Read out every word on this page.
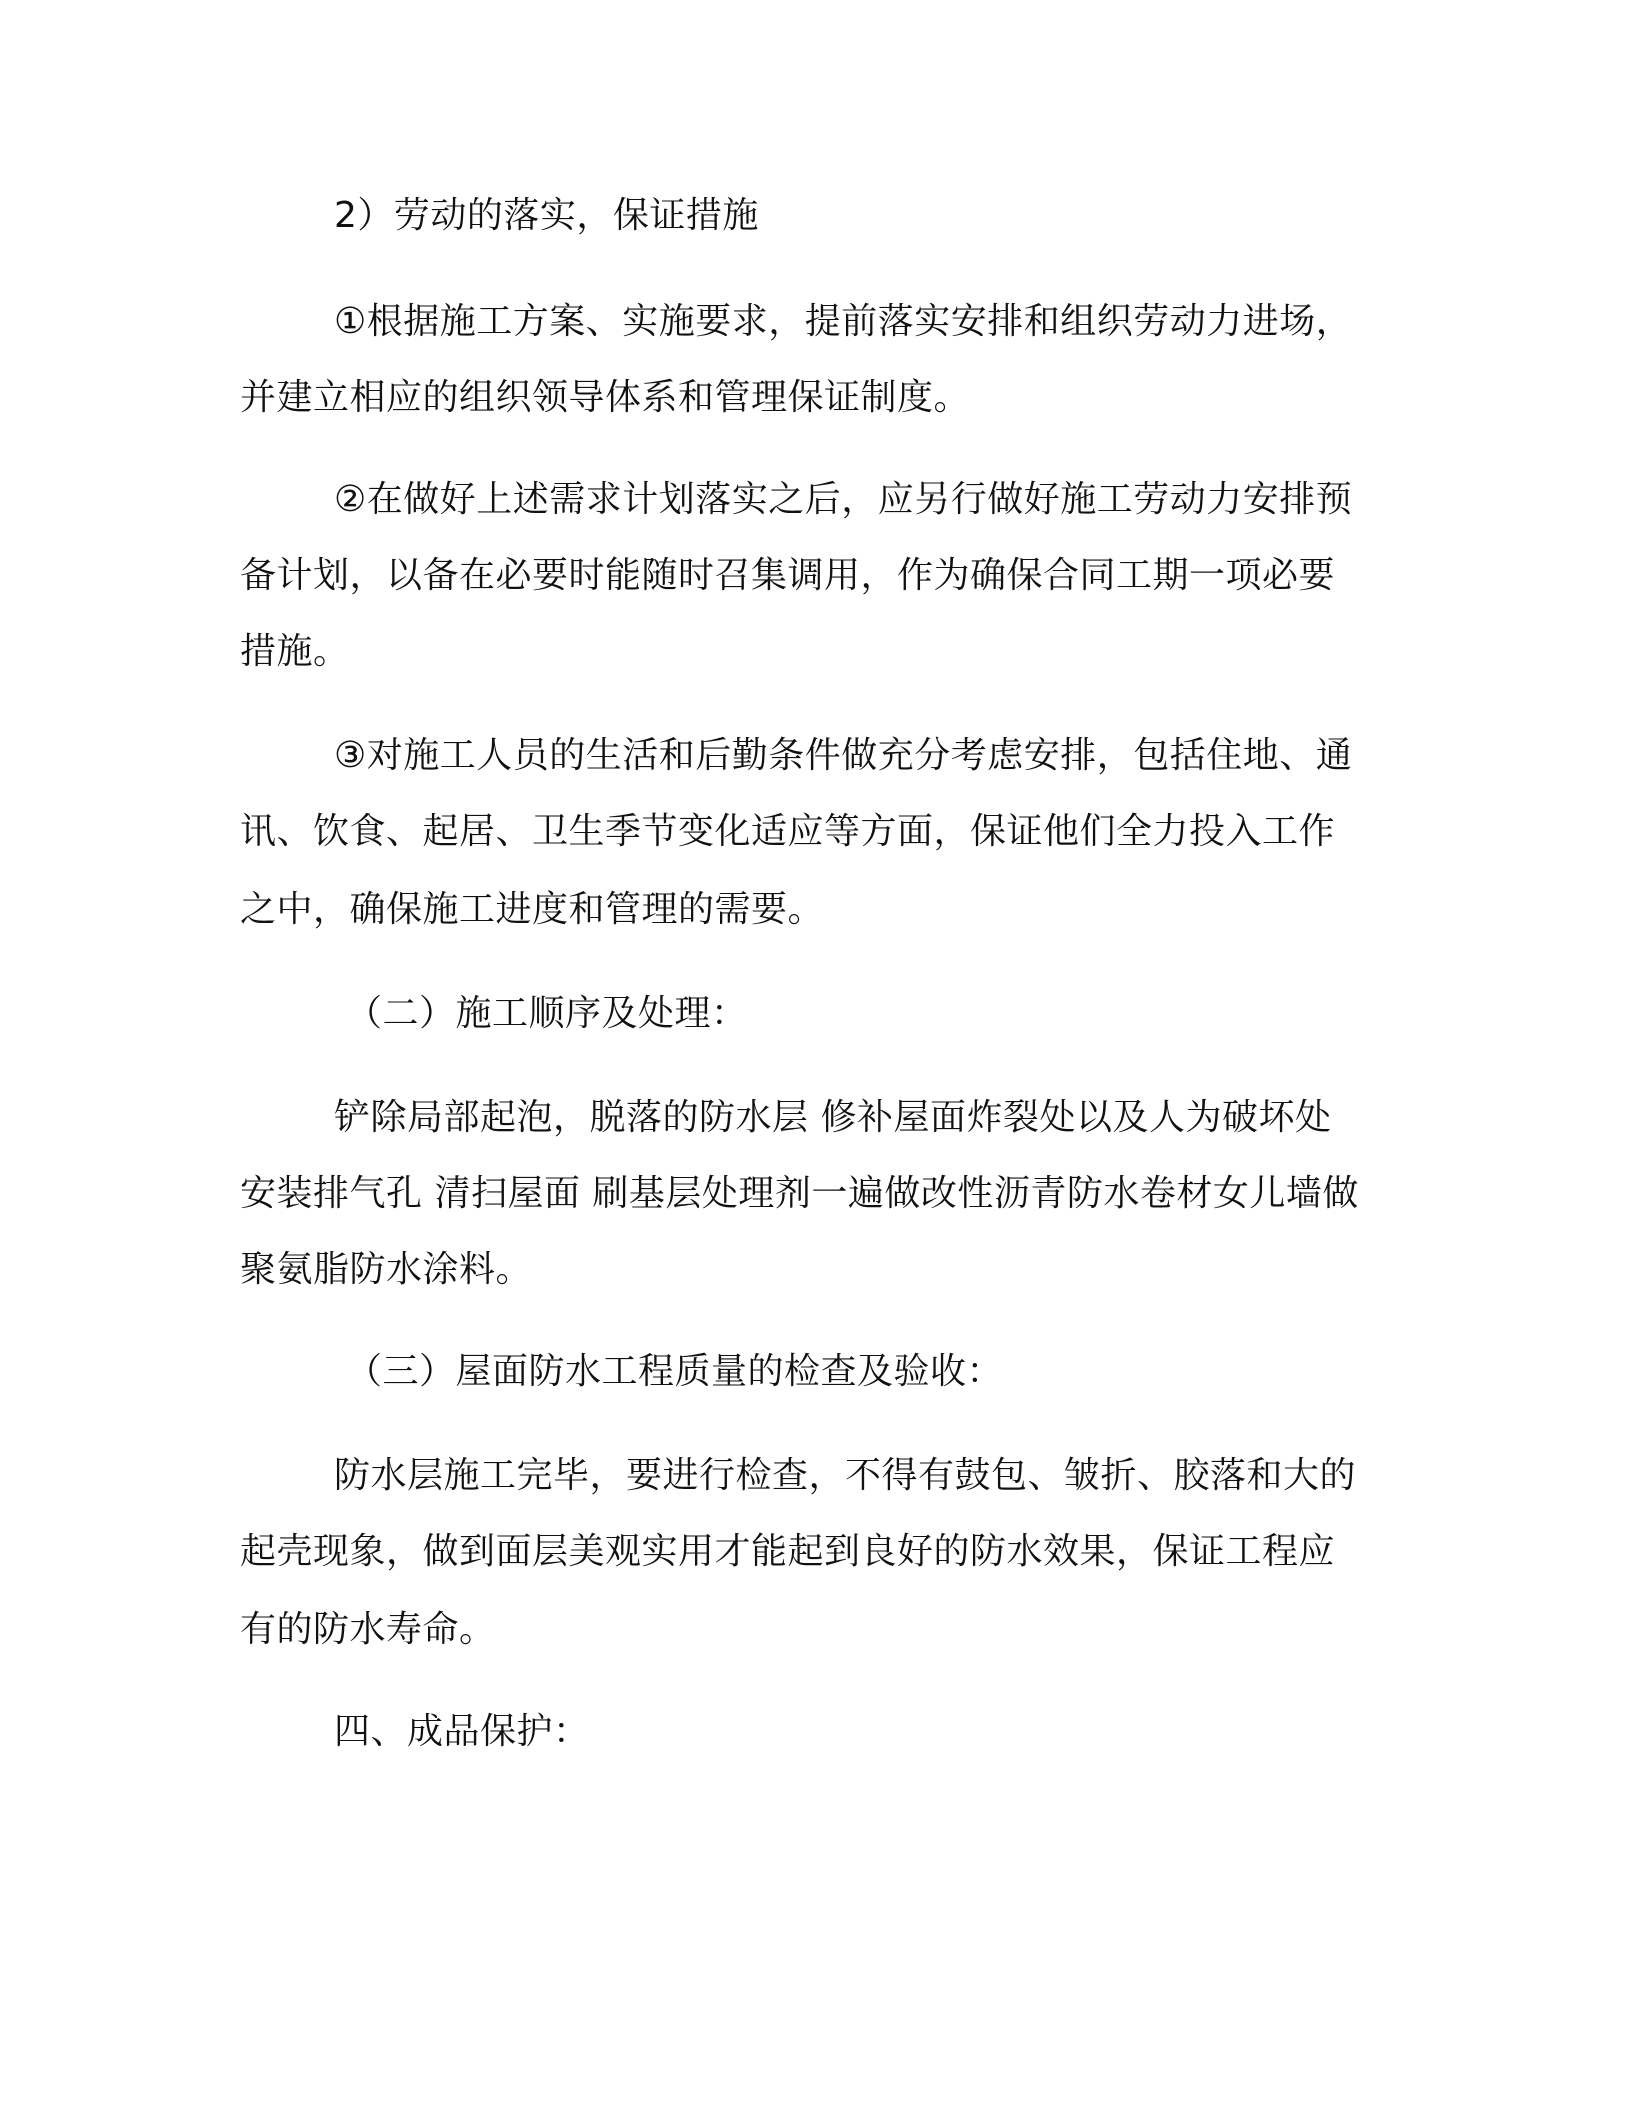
2）劳动的落实，保证措施
①根据施工方案、实施要求，提前落实安排和组织劳动力进场，
并建立相应的组织领导体系和管理保证制度。
②在做好上述需求计划落实之后，应另行做好施工劳动力安排预
备计划，以备在必要时能随时召集调用，作为确保合同工期一项必要
措施。
③对施工人员的生活和后勤条件做充分考虑安排，包括住地、通
讯、饮食、起居、卫生季节变化适应等方面，保证他们全力投入工作
之中，确保施工进度和管理的需要。
（二）施工顺序及处理：
铲除局部起泡，脱落的防水层 修补屋面炸裂处以及人为破坏处
安装排气孔 清扫屋面 刷基层处理剂一遍做改性沥青防水卷材女儿墙做
聚氨脂防水涂料。
（三）屋面防水工程质量的检查及验收：
防水层施工完毕，要进行检查，不得有鼓包、皱折、胶落和大的
起壳现象，做到面层美观实用才能起到良好的防水效果，保证工程应
有的防水寿命。
四、成品保护：
